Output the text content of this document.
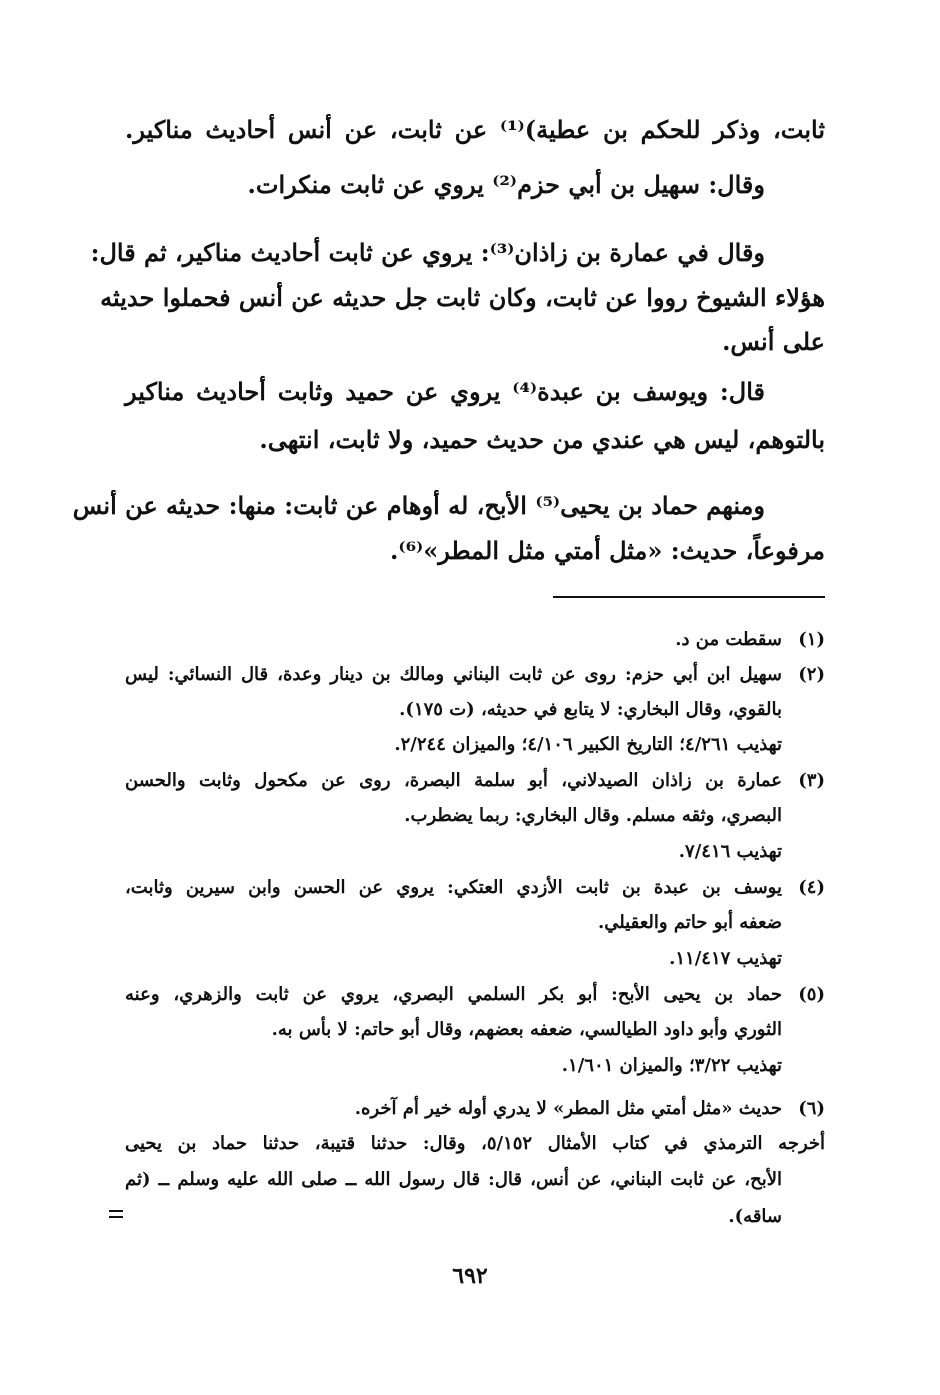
ثابت، وذكر للحكم بن عطية)⁽¹⁾ عن ثابت، عن أنس أحاديث مناكير.
وقال: سهيل بن أبي حزم⁽²⁾ يروي عن ثابت منكرات.
وقال في عمارة بن زاذان⁽³⁾: يروي عن ثابت أحاديث مناكير، ثم قال:
هؤلاء الشيوخ رووا عن ثابت، وكان ثابت جل حديثه عن أنس فحملوا حديثه
على أنس.
قال: ويوسف بن عبدة⁽⁴⁾ يروي عن حميد وثابت أحاديث مناكير
بالتوهم، ليس هي عندي من حديث حميد، ولا ثابت، انتهى.
ومنهم حماد بن يحيى⁽⁵⁾ الأبح، له أوهام عن ثابت: منها: حديثه عن أنس
مرفوعاً، حديث: «مثل أمتي مثل المطر»⁽⁶⁾.
(١)
سقطت من د.
(٢)
سهيل ابن أبي حزم: روى عن ثابت البناني ومالك بن دينار وعدة، قال النسائي: ليس
بالقوي، وقال البخاري: لا يتابع في حديثه، (ت ١٧٥).
تهذيب ٤/٢٦١؛ التاريخ الكبير ٤/١٠٦؛ والميزان ٢/٢٤٤.
(٣)
عمارة بن زاذان الصيدلاني، أبو سلمة البصرة، روى عن مكحول وثابت والحسن
البصري، وثقه مسلم. وقال البخاري: ربما يضطرب.
تهذيب ٧/٤١٦.
(٤)
يوسف بن عبدة بن ثابت الأزدي العتكي: يروي عن الحسن وابن سيرين وثابت،
ضعفه أبو حاتم والعقيلي.
تهذيب ١١/٤١٧.
(٥)
حماد بن يحيى الأبح: أبو بكر السلمي البصري، يروي عن ثابت والزهري، وعنه
الثوري وأبو داود الطيالسي، ضعفه بعضهم، وقال أبو حاتم: لا بأس به.
تهذيب ٣/٢٢؛ والميزان ١/٦٠١.
(٦)
حديث «مثل أمتي مثل المطر» لا يدري أوله خير أم آخره.
أخرجه الترمذي في كتاب الأمثال ٥/١٥٢، وقال: حدثنا قتيبة، حدثنا حماد بن يحيى
الأبح، عن ثابت البناني، عن أنس، قال: قال رسول الله ــ صلى الله عليه وسلم ــ (ثم
ساقه).
٦٩٢
